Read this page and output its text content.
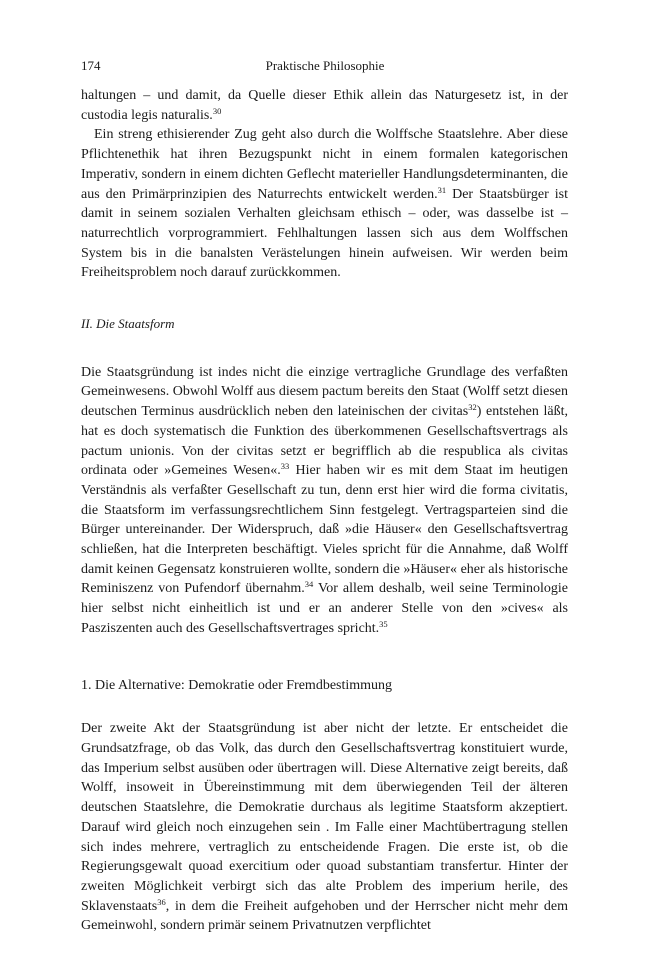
174	Praktische Philosophie

haltungen – und damit, da Quelle dieser Ethik allein das Naturgesetz ist, in der custodia legis naturalis.$^{30}$

Ein streng ethisierender Zug geht also durch die Wolffsche Staatslehre. Aber diese Pflichtenethik hat ihren Bezugspunkt nicht in einem formalen kategorischen Imperativ, sondern in einem dichten Geflecht materieller Handlungsdeterminanten, die aus den Primärprinzipien des Naturrechts entwickelt werden.$^{31}$ Der Staatsbürger ist damit in seinem sozialen Verhalten gleichsam ethisch – oder, was dasselbe ist – naturrechtlich vorprogrammiert. Fehlhaltungen lassen sich aus dem Wolffschen System bis in die banalsten Verästelungen hinein aufweisen. Wir werden beim Freiheitsproblem noch darauf zurückkommen.

II. Die Staatsform

Die Staatsgründung ist indes nicht die einzige vertragliche Grundlage des verfaßten Gemeinwesens. Obwohl Wolff aus diesem pactum bereits den Staat (Wolff setzt diesen deutschen Terminus ausdrücklich neben den lateinischen der civitas$^{32}$) entstehen läßt, hat es doch systematisch die Funktion des überkommenen Gesellschaftsvertrags als pactum unionis. Von der civitas setzt er begrifflich ab die respublica als civitas ordinata oder »Gemeines Wesen«.$^{33}$ Hier haben wir es mit dem Staat im heutigen Verständnis als verfaßter Gesellschaft zu tun, denn erst hier wird die forma civitatis, die Staatsform im verfassungsrechtlichem Sinn festgelegt. Vertragsparteien sind die Bürger untereinander. Der Widerspruch, daß »die Häuser« den Gesellschaftsvertrag schließen, hat die Interpreten beschäftigt. Vieles spricht für die Annahme, daß Wolff damit keinen Gegensatz konstruieren wollte, sondern die »Häuser« eher als historische Reminiszenz von Pufendorf übernahm.$^{34}$ Vor allem deshalb, weil seine Terminologie hier selbst nicht einheitlich ist und er an anderer Stelle von den »cives« als Pasziszenten auch des Gesellschaftsvertrages spricht.$^{35}$

1. Die Alternative: Demokratie oder Fremdbestimmung

Der zweite Akt der Staatsgründung ist aber nicht der letzte. Er entscheidet die Grundsatzfrage, ob das Volk, das durch den Gesellschaftsvertrag konstituiert wurde, das Imperium selbst ausüben oder übertragen will. Diese Alternative zeigt bereits, daß Wolff, insoweit in Übereinstimmung mit dem überwiegenden Teil der älteren deutschen Staatslehre, die Demokratie durchaus als legitime Staatsform akzeptiert. Darauf wird gleich noch einzugehen sein . Im Falle einer Machtübertragung stellen sich indes mehrere, vertraglich zu entscheidende Fragen. Die erste ist, ob die Regierungsgewalt quoad exercitium oder quoad substantiam transfertur. Hinter der zweiten Möglichkeit verbirgt sich das alte Problem des imperium herile, des Sklavenstaats$^{36}$, in dem die Freiheit aufgehoben und der Herrscher nicht mehr dem Gemeinwohl, sondern primär seinem Privatnutzen verpflichtet
